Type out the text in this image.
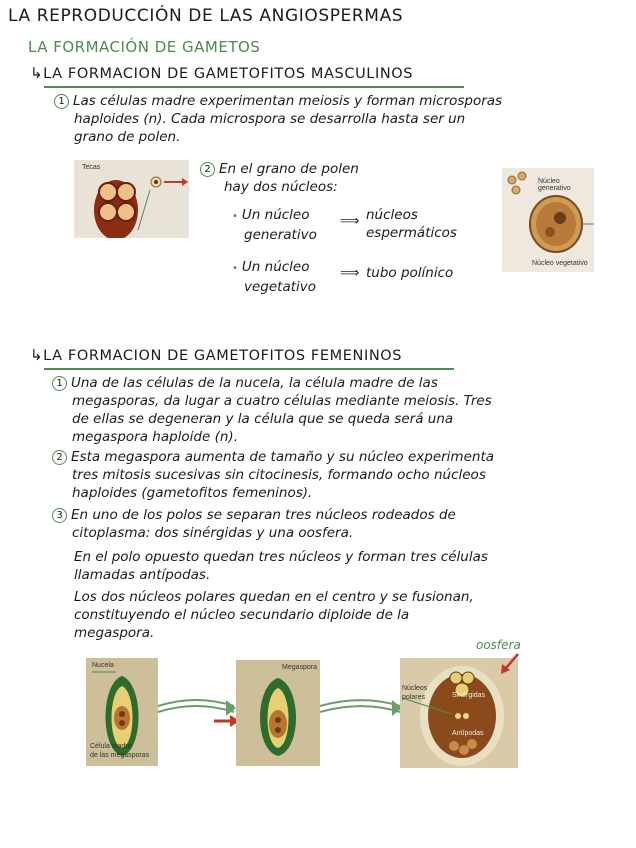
LA REPRODUCCIÓN DE LAS ANGIOSPERMAS
LA FORMACIÓN DE GAMETOS
↳LA FORMACION DE GAMETOFITOS MASCULINOS
1 Las células madre experimentan meiosis y forman microsporas
haploides (n). Cada microspora se desarrolla hasta ser un
grano de polen.
Tecas	2 En el grano de polen
hay dos núcleos:
• Un núcleo
generativo
⟹ núcleos
espermáticos
• Un núcleo
vegetativo
⟹ tubo polínico
Núcleo generativo
Núcleo vegetativo
↳LA FORMACION DE GAMETOFITOS FEMENINOS
1 Una de las células de la nucela, la célula madre de las
megasporas, da lugar a cuatro células mediante meiosis. Tres
de ellas se degeneran y la célula que se queda será una
megaspora haploide (n).
2 Esta megaspora aumenta de tamaño y su núcleo experimenta
tres mitosis sucesivas sin citocinesis, formando ocho núcleos
haploides (gametofitos femeninos).
3 En uno de los polos se separan tres núcleos rodeados de
citoplasma: dos sinérgidas y una oosfera.
En el polo opuesto quedan tres núcleos y forman tres células
llamadas antípodas.
Los dos núcleos polares quedan en el centro y se fusionan,
constituyendo el núcleo secundario diploide de la
megaspora.
Nucela
Célula madre
de las megasporas
Megaspora
Núcleos
polares	Sinérgidas
Antípodas
oosfera
